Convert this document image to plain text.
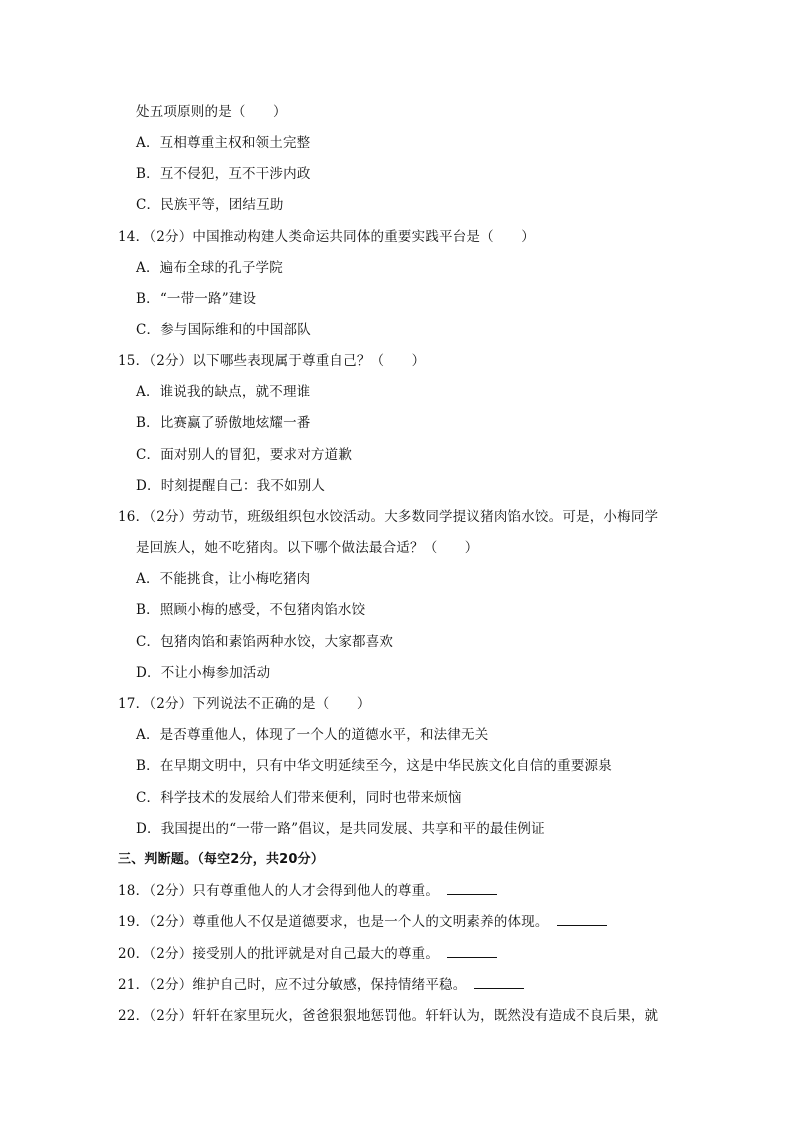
处五项原则的是（　　）
A．互相尊重主权和领土完整
B．互不侵犯，互不干涉内政
C．民族平等，团结互助
14．（2分）中国推动构建人类命运共同体的重要实践平台是（　　）
A．遍布全球的孔子学院
B．“一带一路”建设
C．参与国际维和的中国部队
15．（2分）以下哪些表现属于尊重自己？（　　）
A．谁说我的缺点，就不理谁
B．比赛赢了骄傲地炫耀一番
C．面对别人的冒犯，要求对方道歉
D．时刻提醒自己：我不如别人
16．（2分）劳动节，班级组织包水饺活动。大多数同学提议猪肉馅水饺。可是，小梅同学
是回族人，她不吃猪肉。以下哪个做法最合适？（　　）
A．不能挑食，让小梅吃猪肉
B．照顾小梅的感受，不包猪肉馅水饺
C．包猪肉馅和素馅两种水饺，大家都喜欢
D．不让小梅参加活动
17．（2分）下列说法不正确的是（　　）
A．是否尊重他人，体现了一个人的道德水平，和法律无关
B．在早期文明中，只有中华文明延续至今，这是中华民族文化自信的重要源泉
C．科学技术的发展给人们带来便利，同时也带来烦恼
D．我国提出的“一带一路”倡议，是共同发展、共享和平的最佳例证
三、判断题。（每空2分，共20分）
18．（2分）只有尊重他人的人才会得到他人的尊重。
19．（2分）尊重他人不仅是道德要求，也是一个人的文明素养的体现。
20．（2分）接受别人的批评就是对自己最大的尊重。
21．（2分）维护自己时，应不过分敏感，保持情绪平稳。
22．（2分）轩轩在家里玩火，爸爸狠狠地惩罚他。轩轩认为，既然没有造成不良后果，就
